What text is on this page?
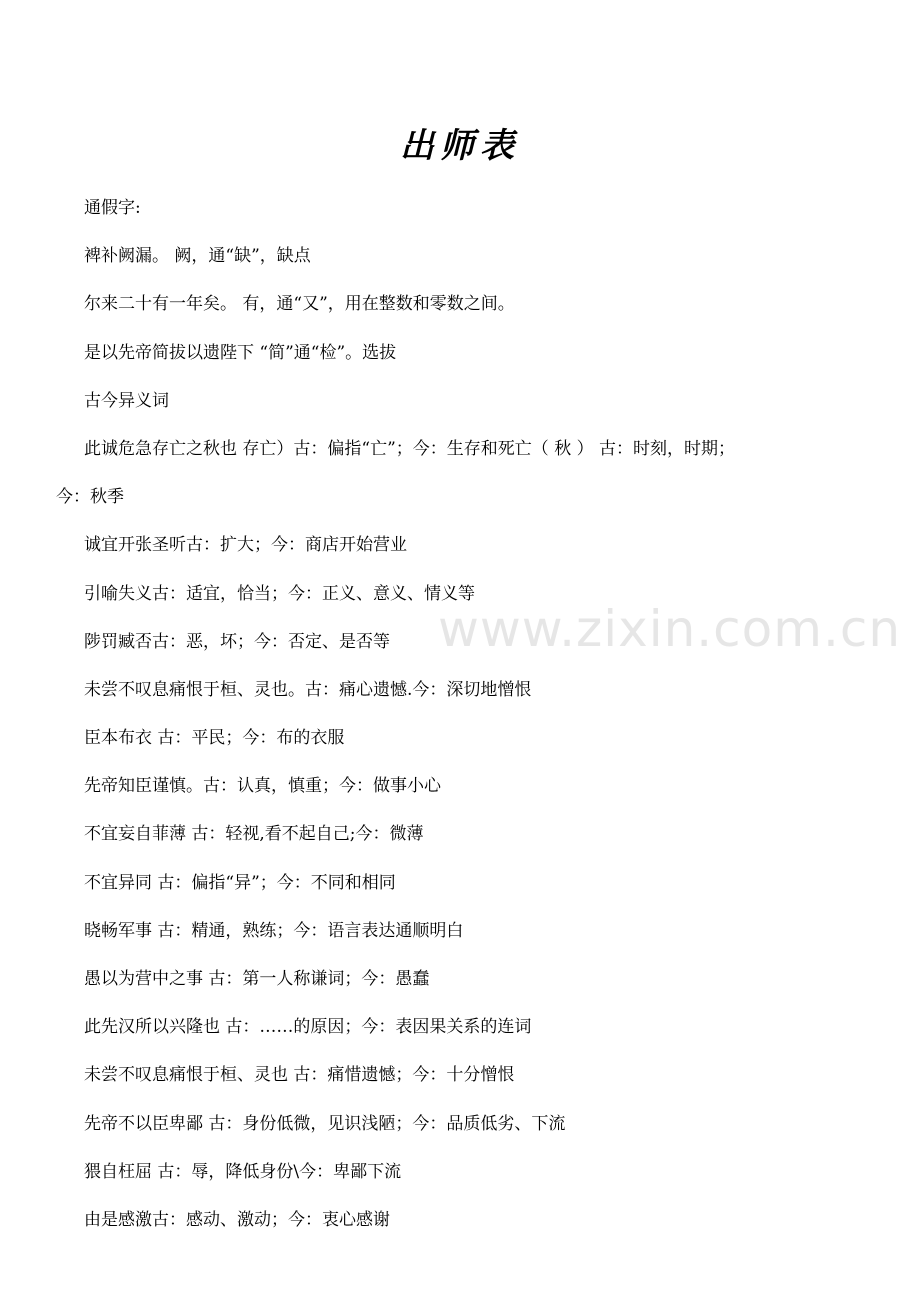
出师表
通假字:
裨补阙漏。 阙，通“缺”，缺点
尔来二十有一年矣。 有，通“又”，用在整数和零数之间。
是以先帝简拔以遗陛下 “简”通“检”。选拔
古今异义词
此诚危急存亡之秋也 存亡）古：偏指“亡”；今：生存和死亡（ 秋 ） 古：时刻，时期；
今：秋季
诚宜开张圣听古：扩大；今：商店开始营业
引喻失义古：适宜，恰当；今：正义、意义、情义等
陟罚臧否古：恶，坏；今：否定、是否等
未尝不叹息痛恨于桓、灵也。古：痛心遗憾.今：深切地憎恨
臣本布衣 古：平民；今：布的衣服
先帝知臣谨慎。古：认真，慎重；今：做事小心
不宜妄自菲薄 古：轻视,看不起自己;今：微薄
不宜异同 古：偏指“异”；今：不同和相同
晓畅军事 古：精通，熟练；今：语言表达通顺明白
愚以为营中之事 古：第一人称谦词；今：愚蠢
此先汉所以兴隆也 古：……的原因；今：表因果关系的连词
未尝不叹息痛恨于桓、灵也 古：痛惜遗憾；今：十分憎恨
先帝不以臣卑鄙 古：身份低微，见识浅陋；今：品质低劣、下流
猥自枉屈 古：辱，降低身份\今：卑鄙下流
由是感激古：感动、激动；今：衷心感谢
www.zixin.com.cn
